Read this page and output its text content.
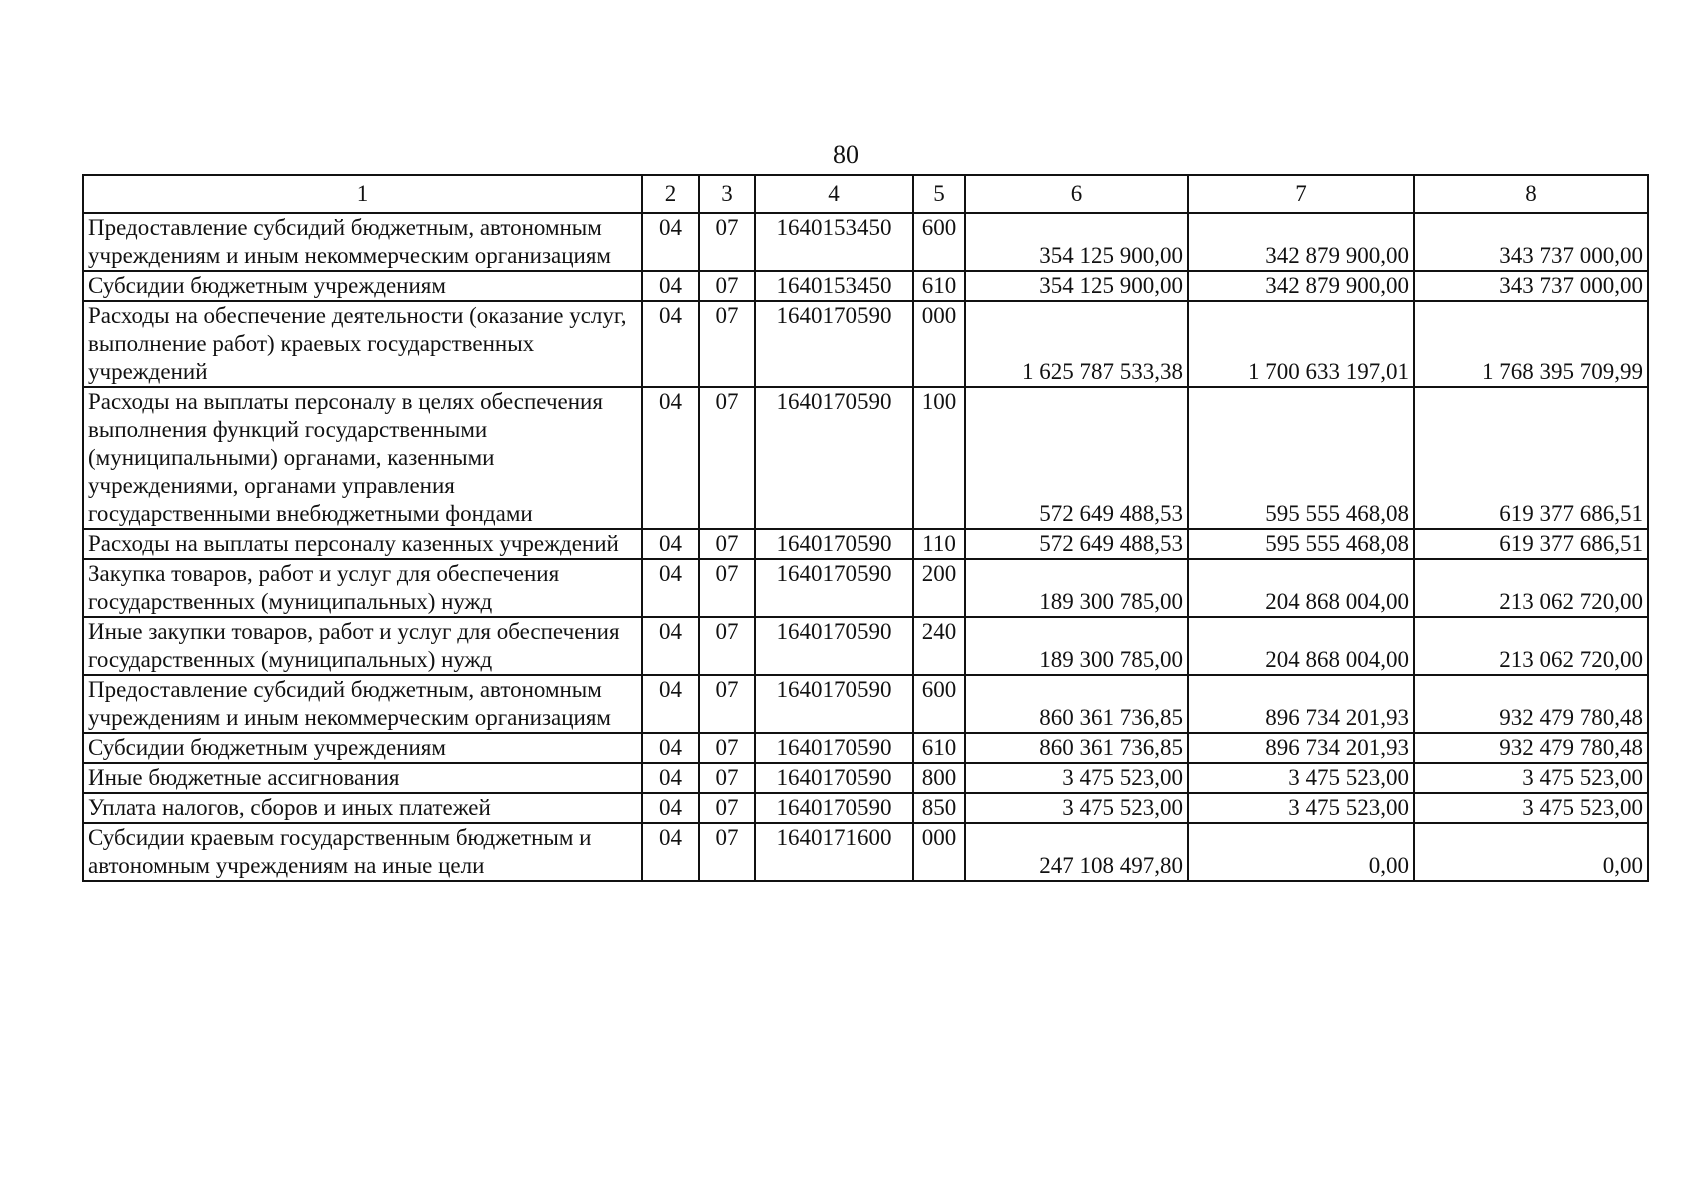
80
1	2	3	4	5	6	7	8
Предоставление субсидий бюджетным, автономным учреждениям и иным некоммерческим организациям	04	07	1640153450	600	354 125 900,00	342 879 900,00	343 737 000,00
Субсидии бюджетным учреждениям	04	07	1640153450	610	354 125 900,00	342 879 900,00	343 737 000,00
Расходы на обеспечение деятельности (оказание услуг, выполнение работ) краевых государственных учреждений	04	07	1640170590	000	1 625 787 533,38	1 700 633 197,01	1 768 395 709,99
Расходы на выплаты персоналу в целях обеспечения выполнения функций государственными (муниципальными) органами, казенными учреждениями, органами управления государственными внебюджетными фондами	04	07	1640170590	100	572 649 488,53	595 555 468,08	619 377 686,51
Расходы на выплаты персоналу казенных учреждений	04	07	1640170590	110	572 649 488,53	595 555 468,08	619 377 686,51
Закупка товаров, работ и услуг для обеспечения государственных (муниципальных) нужд	04	07	1640170590	200	189 300 785,00	204 868 004,00	213 062 720,00
Иные закупки товаров, работ и услуг для обеспечения государственных (муниципальных) нужд	04	07	1640170590	240	189 300 785,00	204 868 004,00	213 062 720,00
Предоставление субсидий бюджетным, автономным учреждениям и иным некоммерческим организациям	04	07	1640170590	600	860 361 736,85	896 734 201,93	932 479 780,48
Субсидии бюджетным учреждениям	04	07	1640170590	610	860 361 736,85	896 734 201,93	932 479 780,48
Иные бюджетные ассигнования	04	07	1640170590	800	3 475 523,00	3 475 523,00	3 475 523,00
Уплата налогов, сборов и иных платежей	04	07	1640170590	850	3 475 523,00	3 475 523,00	3 475 523,00
Субсидии краевым государственным бюджетным и автономным учреждениям на иные цели	04	07	1640171600	000	247 108 497,80	0,00	0,00
